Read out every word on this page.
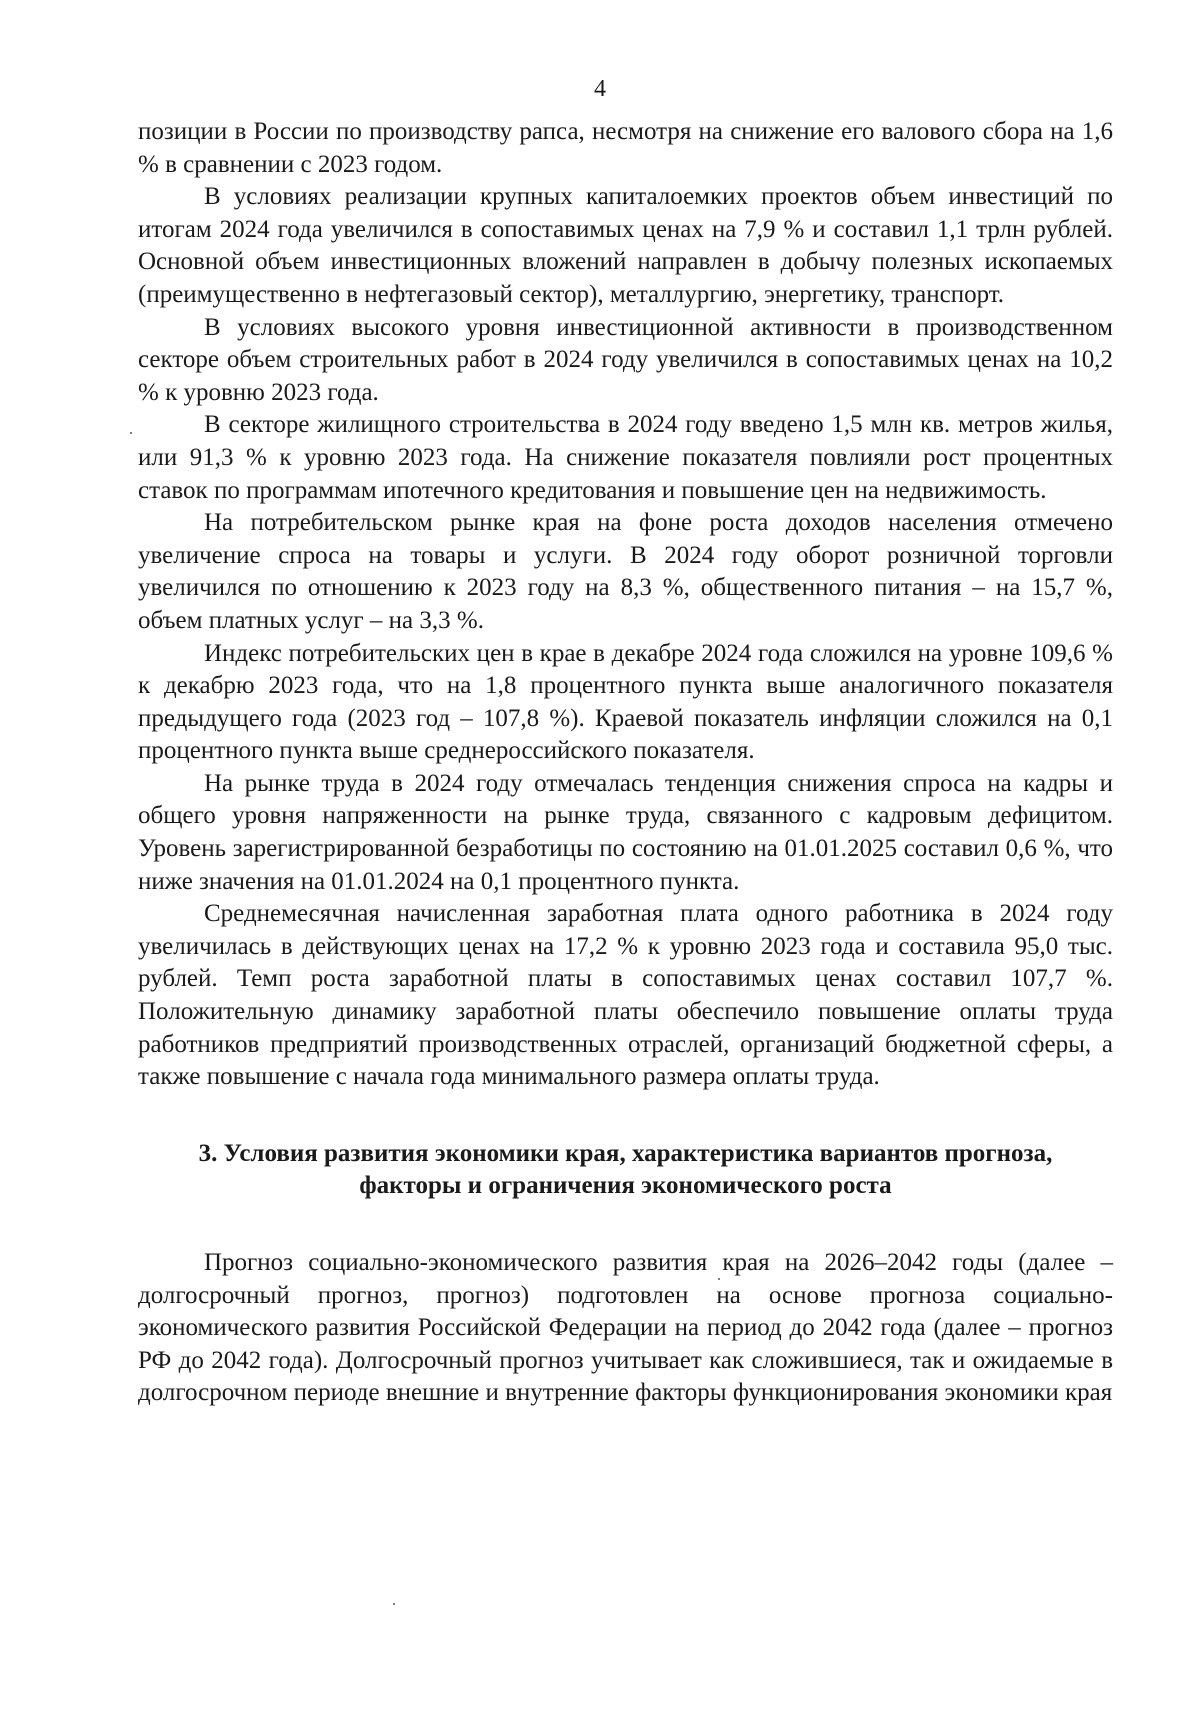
4

позиции в России по производству рапса, несмотря на снижение его валового сбора на 1,6 % в сравнении с 2023 годом.

В условиях реализации крупных капиталоемких проектов объем инвестиций по итогам 2024 года увеличился в сопоставимых ценах на 7,9 % и составил 1,1 трлн рублей. Основной объем инвестиционных вложений направлен в добычу полезных ископаемых (преимущественно в нефтегазовый сектор), металлургию, энергетику, транспорт.

В условиях высокого уровня инвестиционной активности в производственном секторе объем строительных работ в 2024 году увеличился в сопоставимых ценах на 10,2 % к уровню 2023 года.

В секторе жилищного строительства в 2024 году введено 1,5 млн кв. метров жилья, или 91,3 % к уровню 2023 года. На снижение показателя повлияли рост процентных ставок по программам ипотечного кредитования и повышение цен на недвижимость.

На потребительском рынке края на фоне роста доходов населения отмечено увеличение спроса на товары и услуги. В 2024 году оборот розничной торговли увеличился по отношению к 2023 году на 8,3 %, общественного питания – на 15,7 %, объем платных услуг – на 3,3 %.

Индекс потребительских цен в крае в декабре 2024 года сложился на уровне 109,6 % к декабрю 2023 года, что на 1,8 процентного пункта выше аналогичного показателя предыдущего года (2023 год – 107,8 %). Краевой показатель инфляции сложился на 0,1 процентного пункта выше среднероссийского показателя.

На рынке труда в 2024 году отмечалась тенденция снижения спроса на кадры и общего уровня напряженности на рынке труда, связанного с кадровым дефицитом. Уровень зарегистрированной безработицы по состоянию на 01.01.2025 составил 0,6 %, что ниже значения на 01.01.2024 на 0,1 процентного пункта.

Среднемесячная начисленная заработная плата одного работника в 2024 году увеличилась в действующих ценах на 17,2 % к уровню 2023 года и составила 95,0 тыс. рублей. Темп роста заработной платы в сопоставимых ценах составил 107,7 %. Положительную динамику заработной платы обеспечило повышение оплаты труда работников предприятий производственных отраслей, организаций бюджетной сферы, а также повышение с начала года минимального размера оплаты труда.

3. Условия развития экономики края, характеристика вариантов прогноза,
факторы и ограничения экономического роста

Прогноз социально-экономического развития края на 2026–2042 годы (далее – долгосрочный прогноз, прогноз) подготовлен на основе прогноза социально-экономического развития Российской Федерации на период до 2042 года (далее – прогноз РФ до 2042 года). Долгосрочный прогноз учитывает как сложившиеся, так и ожидаемые в долгосрочном периоде внешние и внутренние факторы функционирования экономики края
